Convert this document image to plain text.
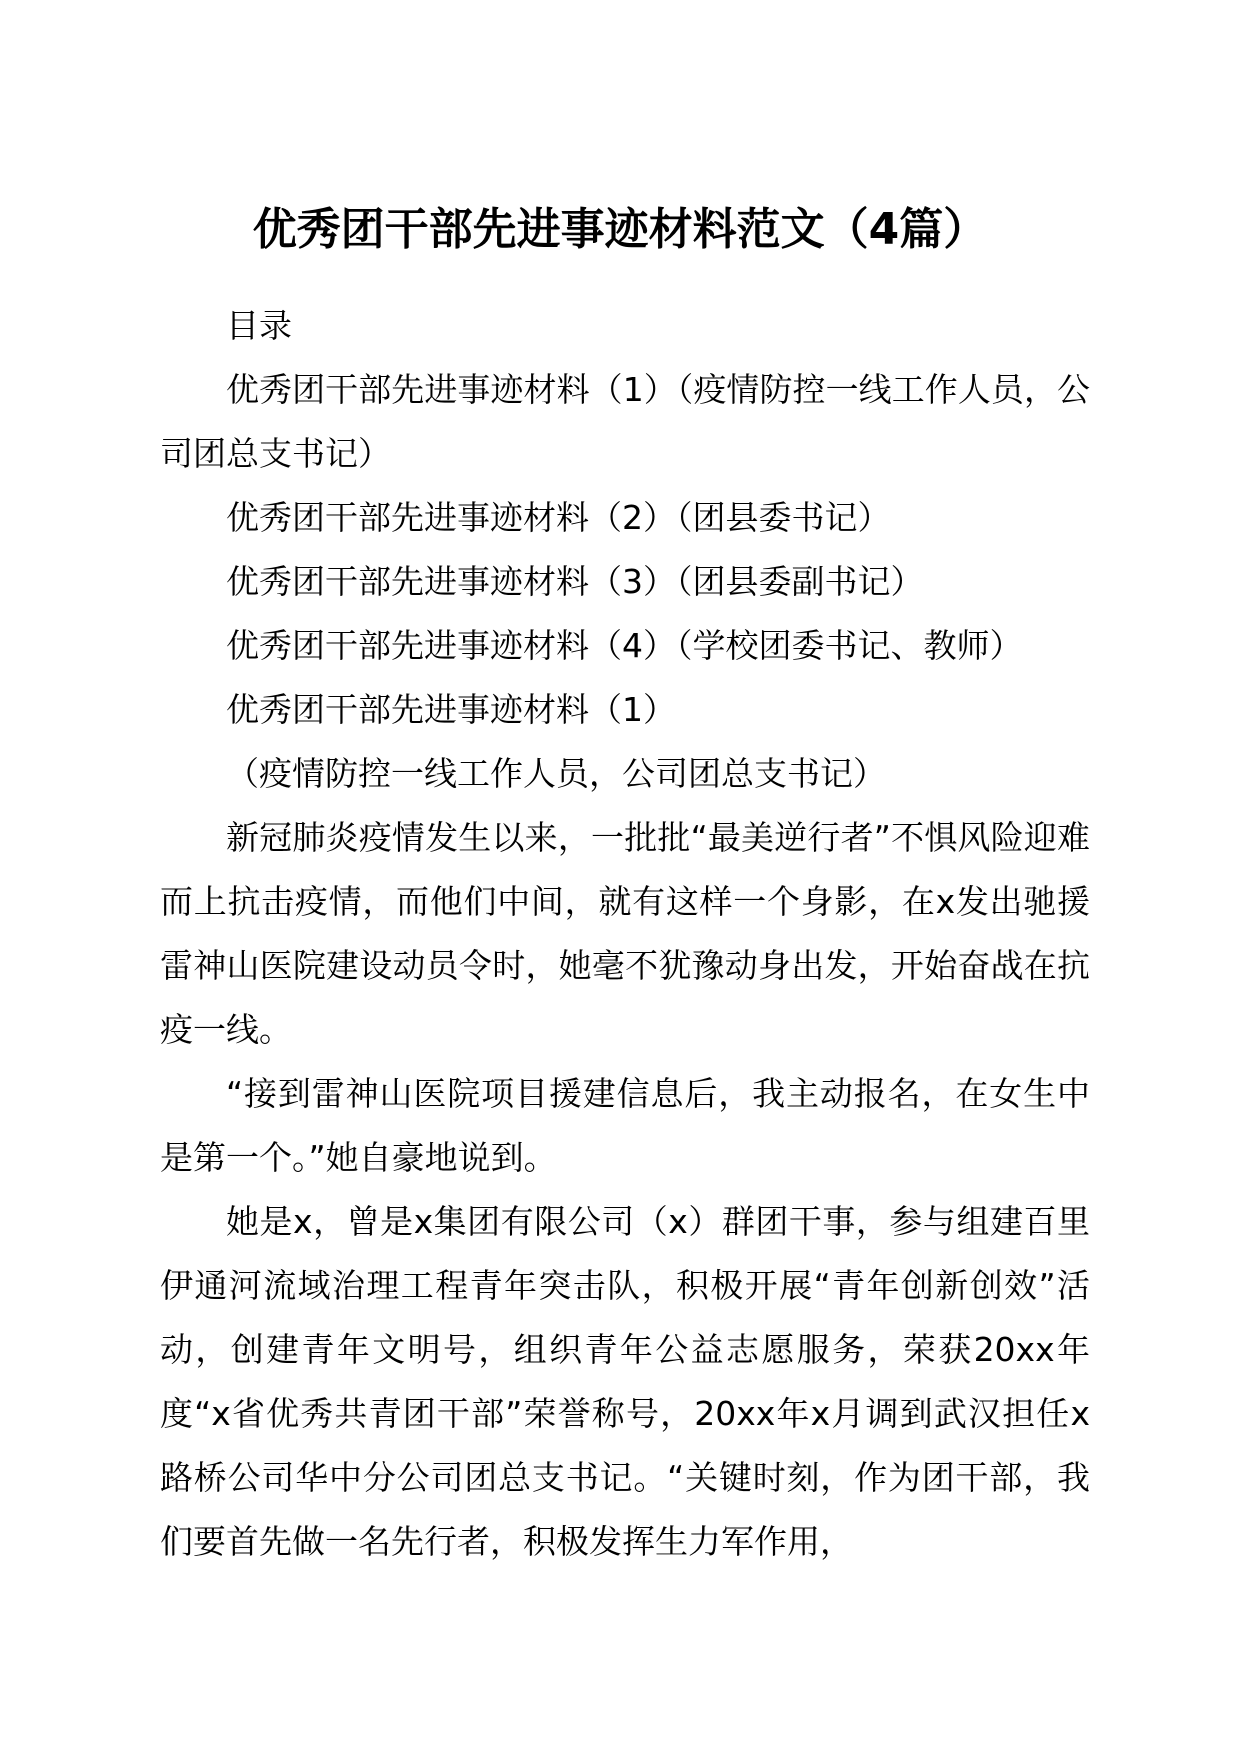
优秀团干部先进事迹材料范文（4篇）

目录

优秀团干部先进事迹材料（1）（疫情防控一线工作人员，公司团总支书记）

优秀团干部先进事迹材料（2）（团县委书记）

优秀团干部先进事迹材料（3）（团县委副书记）

优秀团干部先进事迹材料（4）（学校团委书记、教师）

优秀团干部先进事迹材料（1）

（疫情防控一线工作人员，公司团总支书记）

新冠肺炎疫情发生以来，一批批“最美逆行者”不惧风险迎难而上抗击疫情，而他们中间，就有这样一个身影，在x发出驰援雷神山医院建设动员令时，她毫不犹豫动身出发，开始奋战在抗疫一线。

“接到雷神山医院项目援建信息后，我主动报名，在女生中是第一个。”她自豪地说到。

她是x，曾是x集团有限公司（x）群团干事，参与组建百里伊通河流域治理工程青年突击队，积极开展“青年创新创效”活动，创建青年文明号，组织青年公益志愿服务，荣获20xx年度“x省优秀共青团干部”荣誉称号，20xx年x月调到武汉担任x路桥公司华中分公司团总支书记。“关键时刻，作为团干部，我们要首先做一名先行者，积极发挥生力军作用，
